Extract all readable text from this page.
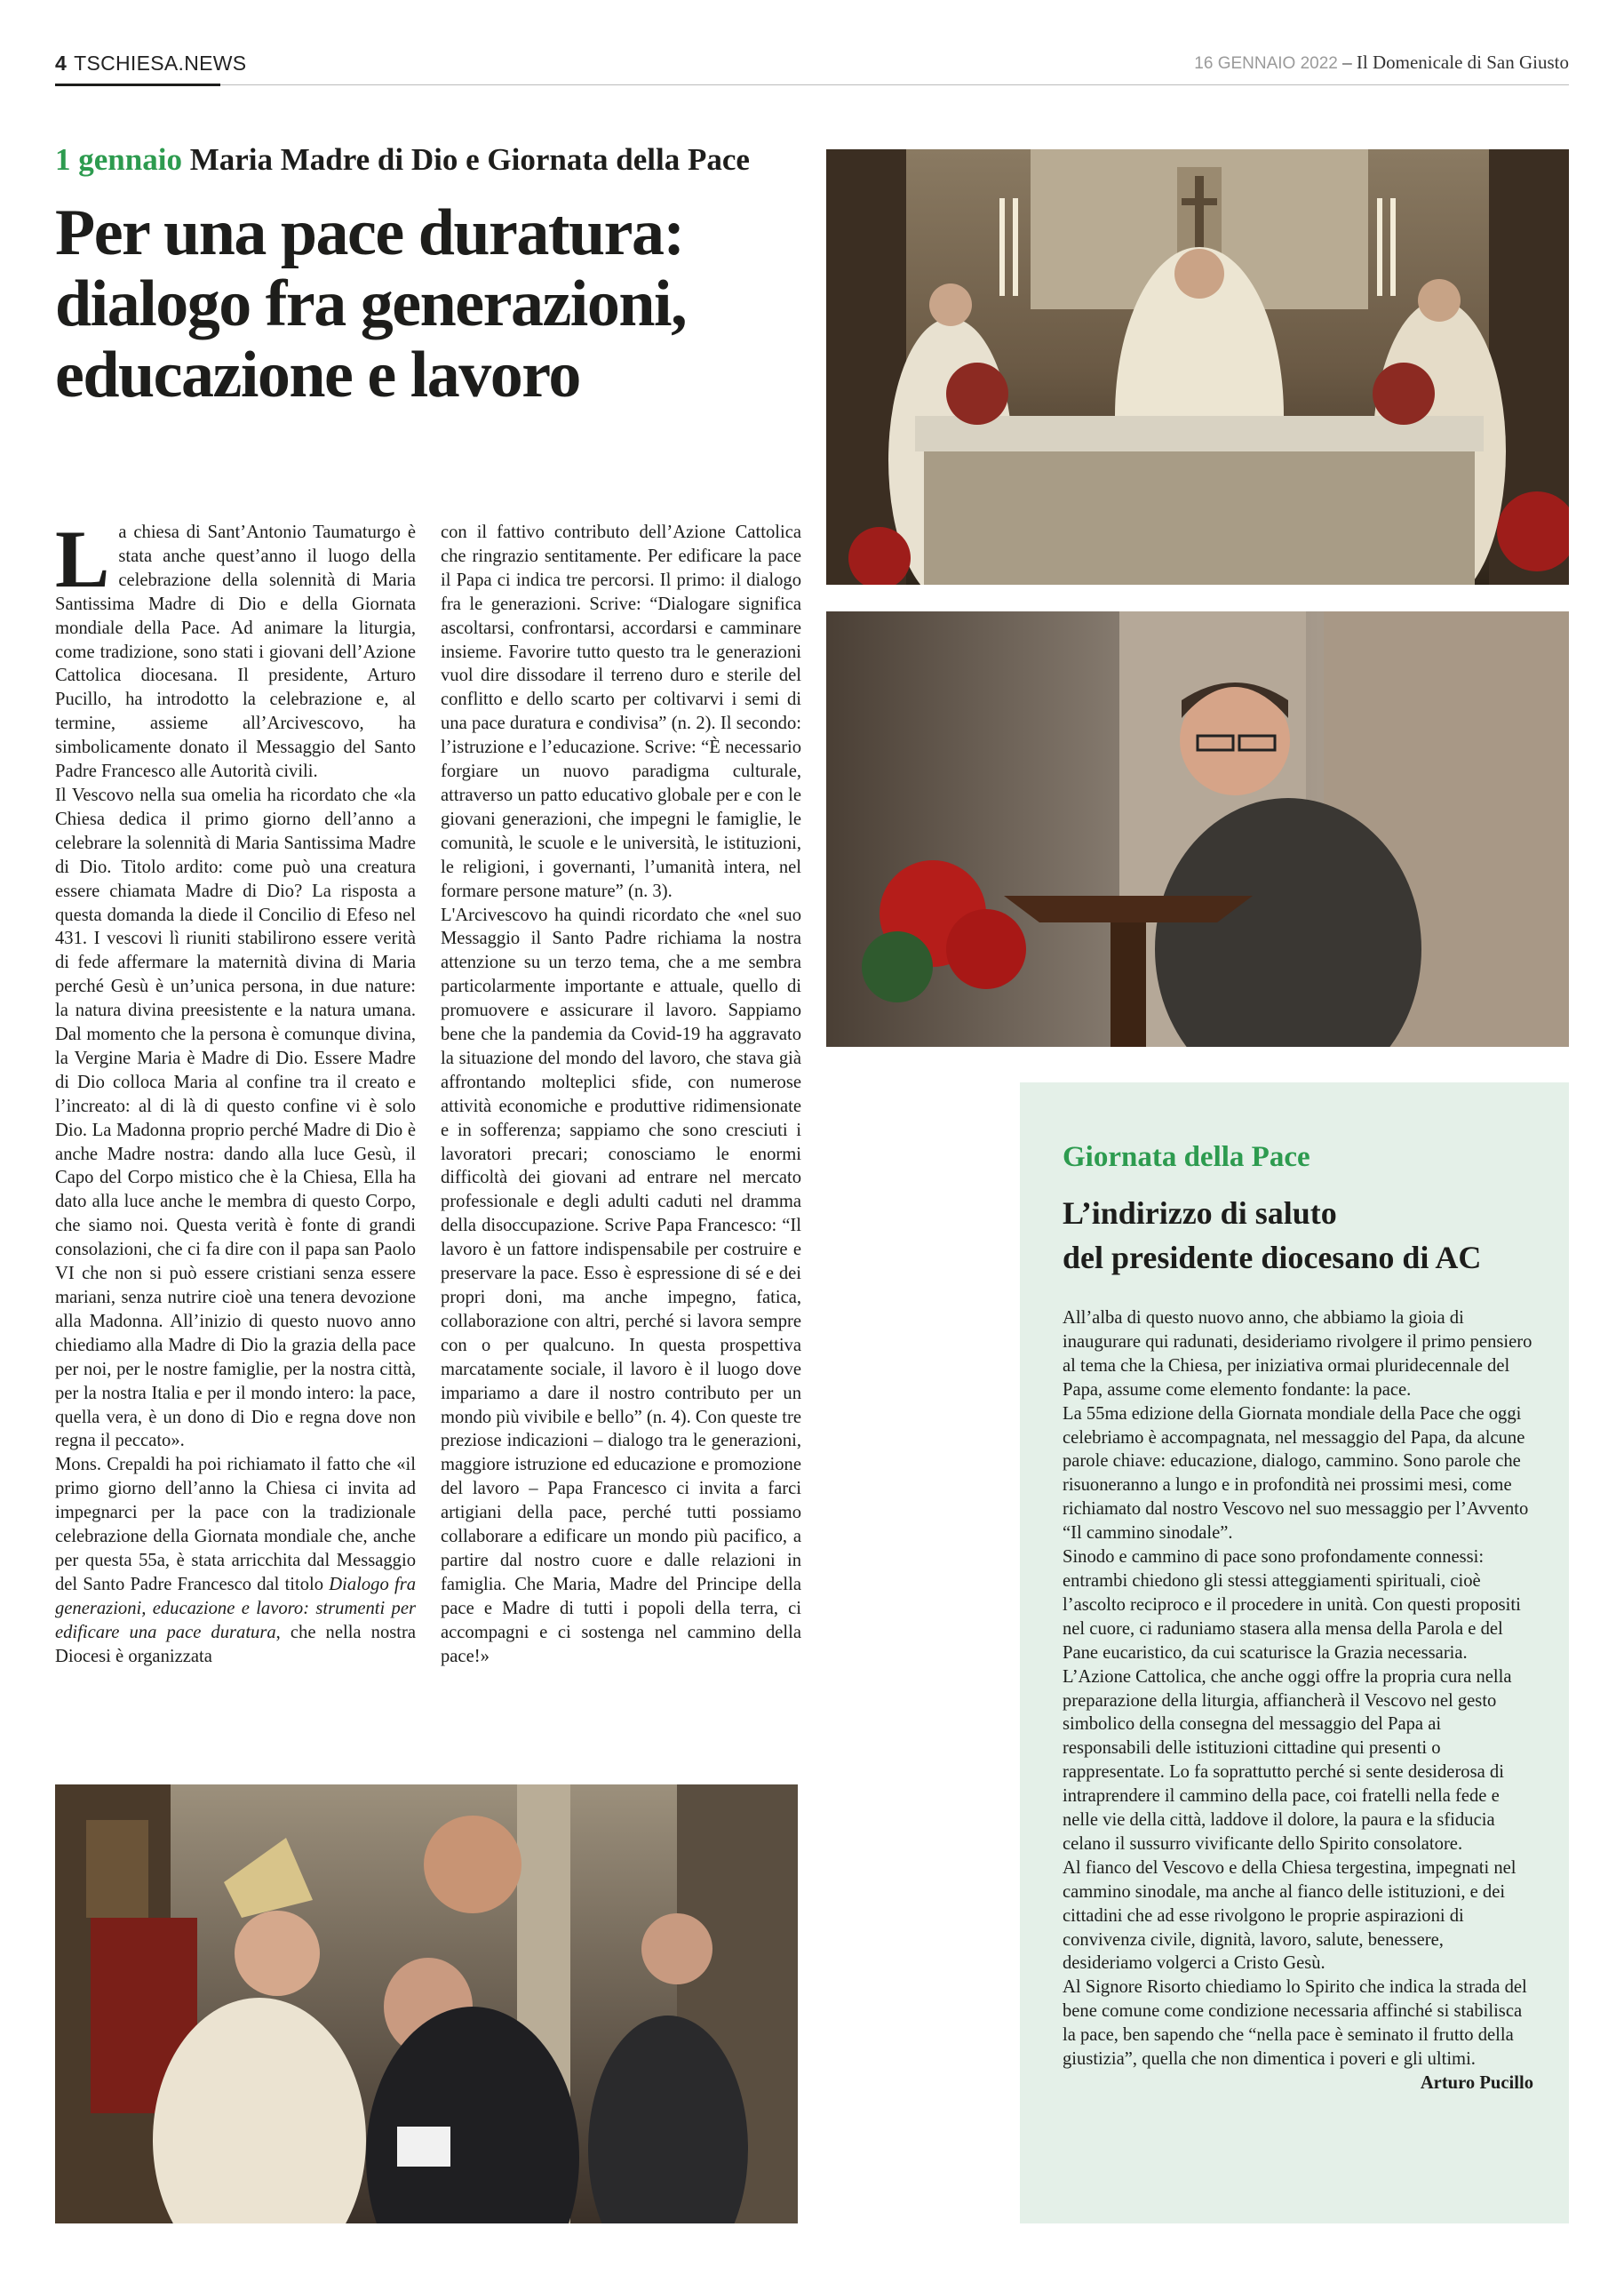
4 TSCHIESA.NEWS	16 GENNAIO 2022 – Il Domenicale di San Giusto
1 gennaio Maria Madre di Dio e Giornata della Pace
Per una pace duratura: dialogo fra generazioni, educazione e lavoro

La chiesa di Sant’Antonio Taumaturgo è stata anche quest’anno il luogo della celebrazione della solennità di Maria Santissima Madre di Dio e della Giornata mondiale della Pace. Ad animare la liturgia, come tradizione, sono stati i giovani dell’Azione Cattolica diocesana. Il presidente, Arturo Pucillo, ha introdotto la celebrazione e, al termine, assieme all’Arcivescovo, ha simbolicamente donato il Messaggio del Santo Padre Francesco alle Autorità civili.

Il Vescovo nella sua omelia ha ricordato che «la Chiesa dedica il primo giorno dell’anno a celebrare la solennità di Maria Santissima Madre di Dio. Titolo ardito: come può una creatura essere chiamata Madre di Dio? La risposta a questa domanda la diede il Concilio di Efeso nel 431. I vescovi lì riuniti stabilirono essere verità di fede affermare la maternità divina di Maria perché Gesù è un’unica persona, in due nature: la natura divina preesistente e la natura umana. Dal momento che la persona è comunque divina, la Vergine Maria è Madre di Dio. Essere Madre di Dio colloca Maria al confine tra il creato e l’increato: al di là di questo confine vi è solo Dio. La Madonna proprio perché Madre di Dio è anche Madre nostra: dando alla luce Gesù, il Capo del Corpo mistico che è la Chiesa, Ella ha dato alla luce anche le membra di questo Corpo, che siamo noi. Questa verità è fonte di grandi consolazioni, che ci fa dire con il papa san Paolo VI che non si può essere cristiani senza essere mariani, senza nutrire cioè una tenera devozione alla Madonna. All’inizio di questo nuovo anno chiediamo alla Madre di Dio la grazia della pace per noi, per le nostre famiglie, per la nostra città, per la nostra Italia e per il mondo intero: la pace, quella vera, è un dono di Dio e regna dove non regna il peccato».

Mons. Crepaldi ha poi richiamato il fatto che «il primo giorno dell’anno la Chiesa ci invita ad impegnarci per la pace con la tradizionale celebrazione della Giornata mondiale che, anche per questa 55a, è stata arricchita dal Messaggio del Santo Padre Francesco dal titolo Dialogo fra generazioni, educazione e lavoro: strumenti per edificare una pace duratura, che nella nostra Diocesi è organizzata

con il fattivo contributo dell’Azione Cattolica che ringrazio sentitamente. Per edificare la pace il Papa ci indica tre percorsi. Il primo: il dialogo fra le generazioni. Scrive: “Dialogare significa ascoltarsi, confrontarsi, accordarsi e camminare insieme. Favorire tutto questo tra le generazioni vuol dire dissodare il terreno duro e sterile del conflitto e dello scarto per coltivarvi i semi di una pace duratura e condivisa” (n. 2). Il secondo: l’istruzione e l’educazione. Scrive: “È necessario forgiare un nuovo paradigma culturale, attraverso un patto educativo globale per e con le giovani generazioni, che impegni le famiglie, le comunità, le scuole e le università, le istituzioni, le religioni, i governanti, l’umanità intera, nel formare persone mature” (n. 3).

L'Arcivescovo ha quindi ricordato che «nel suo Messaggio il Santo Padre richiama la nostra attenzione su un terzo tema, che a me sembra particolarmente importante e attuale, quello di promuovere e assicurare il lavoro. Sappiamo bene che la pandemia da Covid-19 ha aggravato la situazione del mondo del lavoro, che stava già affrontando molteplici sfide, con numerose attività economiche e produttive ridimensionate e in sofferenza; sappiamo che sono cresciuti i lavoratori precari; conosciamo le enormi difficoltà dei giovani ad entrare nel mercato professionale e degli adulti caduti nel dramma della disoccupazione. Scrive Papa Francesco: “Il lavoro è un fattore indispensabile per costruire e preservare la pace. Esso è espressione di sé e dei propri doni, ma anche impegno, fatica, collaborazione con altri, perché si lavora sempre con o per qualcuno. In questa prospettiva marcatamente sociale, il lavoro è il luogo dove impariamo a dare il nostro contributo per un mondo più vivibile e bello” (n. 4). Con queste tre preziose indicazioni – dialogo tra le generazioni, maggiore istruzione ed educazione e promozione del lavoro – Papa Francesco ci invita a farci artigiani della pace, perché tutti possiamo collaborare a edificare un mondo più pacifico, a partire dal nostro cuore e dalle relazioni in famiglia. Che Maria, Madre del Principe della pace e Madre di tutti i popoli della terra, ci accompagni e ci sostenga nel cammino della pace!»

Giornata della Pace
L’indirizzo di saluto
del presidente diocesano di AC

All’alba di questo nuovo anno, che abbiamo la gioia di inaugurare qui radunati, desideriamo rivolgere il primo pensiero al tema che la Chiesa, per iniziativa ormai pluridecennale del Papa, assume come elemento fondante: la pace.

La 55ma edizione della Giornata mondiale della Pace che oggi celebriamo è accompagnata, nel messaggio del Papa, da alcune parole chiave: educazione, dialogo, cammino. Sono parole che risuoneranno a lungo e in profondità nei prossimi mesi, come richiamato dal nostro Vescovo nel suo messaggio per l’Avvento “Il cammino sinodale”.

Sinodo e cammino di pace sono profondamente connessi: entrambi chiedono gli stessi atteggiamenti spirituali, cioè l’ascolto reciproco e il procedere in unità. Con questi propositi nel cuore, ci raduniamo stasera alla mensa della Parola e del Pane eucaristico, da cui scaturisce la Grazia necessaria.

L’Azione Cattolica, che anche oggi offre la propria cura nella preparazione della liturgia, affiancherà il Vescovo nel gesto simbolico della consegna del messaggio del Papa ai responsabili delle istituzioni cittadine qui presenti o rappresentate. Lo fa soprattutto perché si sente desiderosa di intraprendere il cammino della pace, coi fratelli nella fede e nelle vie della città, laddove il dolore, la paura e la sfiducia celano il sussurro vivificante dello Spirito consolatore.

Al fianco del Vescovo e della Chiesa tergestina, impegnati nel cammino sinodale, ma anche al fianco delle istituzioni, e dei cittadini che ad esse rivolgono le proprie aspirazioni di convivenza civile, dignità, lavoro, salute, benessere, desideriamo volgerci a Cristo Gesù.

Al Signore Risorto chiediamo lo Spirito che indica la strada del bene comune come condizione necessaria affinché si stabilisca la pace, ben sapendo che “nella pace è seminato il frutto della giustizia”, quella che non dimentica i poveri e gli ultimi.
Arturo Pucillo
